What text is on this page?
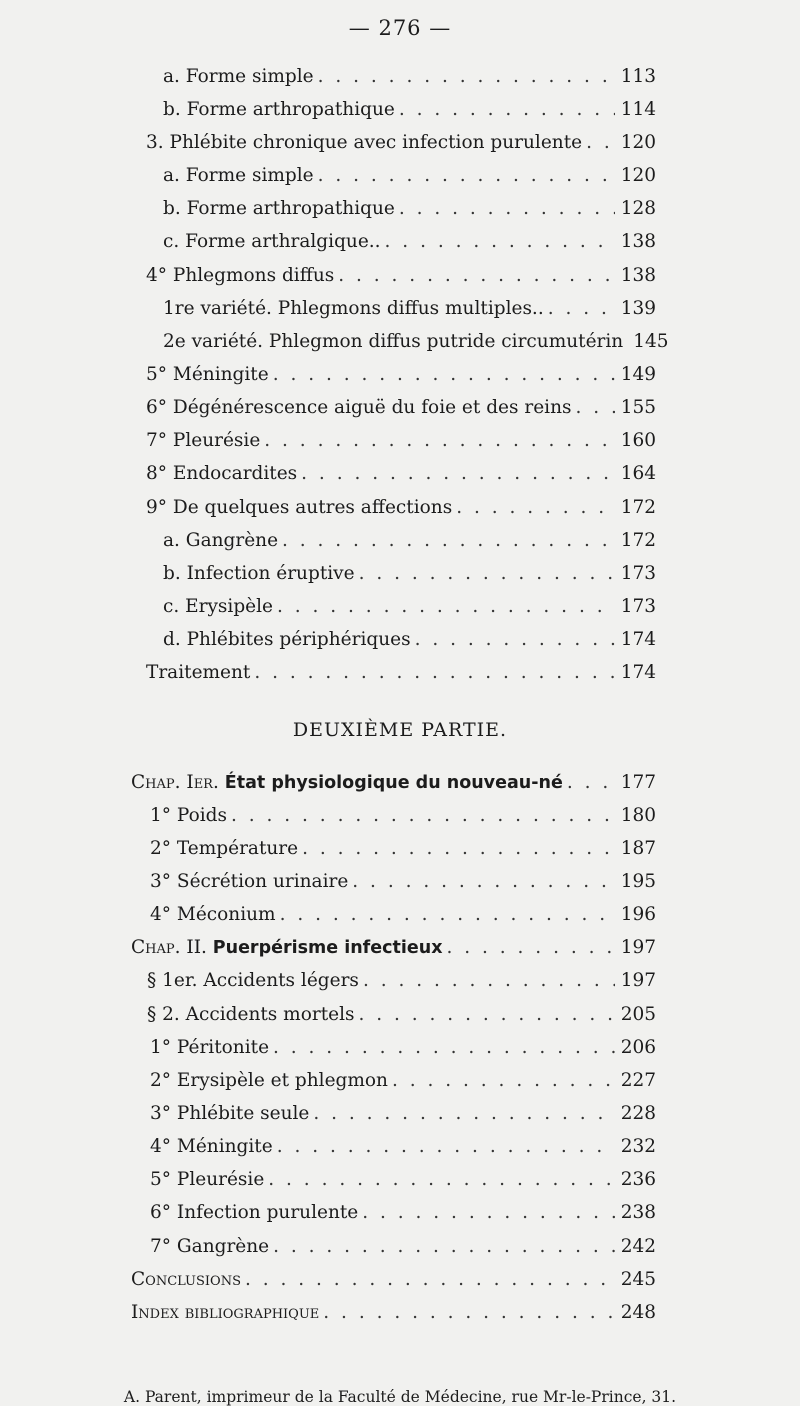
— 276 —
a. Forme simple . . .	113
b. Forme arthropathique . . .	114
3. Phlébite chronique avec infection purulente . . . 120
a. Forme simple . . .	120
b. Forme arthropathique . . .	128
c. Forme arthralgique.. . . .	138
4° Phlegmons diffus . . .	138
1re variété. Phlegmons diffus multiples.. . . .	139
2e variété. Phlegmon diffus putride circumutérin 145
5° Méningite . . .	149
6° Dégénérescence aiguë du foie et des reins . . .	155
7° Pleurésie . . .	160
8° Endocardites . . .	164
9° De quelques autres affections . . .	172
a. Gangrène . . .	172
b. Infection éruptive . . .	173
c. Erysipèle . . .	173
d. Phlébites périphériques . . .	174
Traitement . . .	174
DEUXIÈME PARTIE.
Chap. Ier. État physiologique du nouveau-né . . .	177
1° Poids . . .	180
2° Température . . .	187
3° Sécrétion urinaire . . .	195
4° Méconium . . .	196
Chap. II. Puerpérisme infectieux . . .	197
§ 1er. Accidents légers . . .	197
§ 2. Accidents mortels . . .	205
1° Péritonite . . .	206
2° Erysipèle et phlegmon . . .	227
3° Phlébite seule . . .	228
4° Méningite . . .	232
5° Pleurésie . . .	236
6° Infection purulente . . .	238
7° Gangrène . . .	242
Conclusions . . .	245
Index bibliographique . . .	248
A. Parent, imprimeur de la Faculté de Médecine, rue Mr-le-Prince, 31.
